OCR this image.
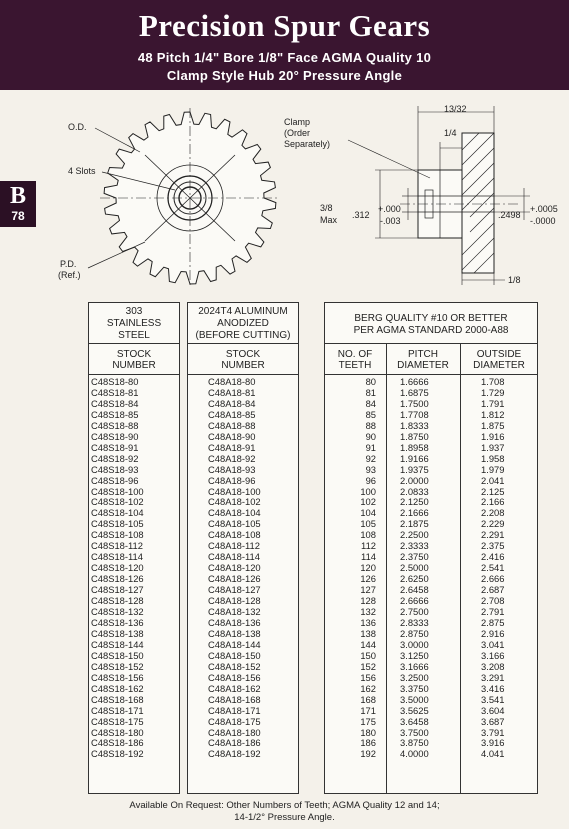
Precision Spur Gears
48 Pitch 1/4" Bore 1/8" Face AGMA Quality 10
Clamp Style Hub 20° Pressure Angle
B
78
O.D.
4 Slots
P.D.
(Ref.)
Clamp
(Order
Separately)
13/32
1/4
3/8
Max .312
+.000
-.003
.2498
+.0005
-.0000
1/8
303
STAINLESS
STEEL
STOCK
NUMBER
C48S18-80
C48S18-81
C48S18-84
C48S18-85
C48S18-88
C48S18-90
C48S18-91
C48S18-92
C48S18-93
C48S18-96
C48S18-100
C48S18-102
C48S18-104
C48S18-105
C48S18-108
C48S18-112
C48S18-114
C48S18-120
C48S18-126
C48S18-127
C48S18-128
C48S18-132
C48S18-136
C48S18-138
C48S18-144
C48S18-150
C48S18-152
C48S18-156
C48S18-162
C48S18-168
C48S18-171
C48S18-175
C48S18-180
C48S18-186
C48S18-192
2024T4 ALUMINUM
ANODIZED
(BEFORE CUTTING)
STOCK
NUMBER
C48A18-80
C48A18-81
C48A18-84
C48A18-85
C48A18-88
C48A18-90
C48A18-91
C48A18-92
C48A18-93
C48A18-96
C48A18-100
C48A18-102
C48A18-104
C48A18-105
C48A18-108
C48A18-112
C48A18-114
C48A18-120
C48A18-126
C48A18-127
C48A18-128
C48A18-132
C48A18-136
C48A18-138
C48A18-144
C48A18-150
C48A18-152
C48A18-156
C48A18-162
C48A18-168
C48A18-171
C48A18-175
C48A18-180
C48A18-186
C48A18-192
BERG QUALITY #10 OR BETTER
PER AGMA STANDARD 2000-A88
NO. OF
TEETH
PITCH
DIAMETER
OUTSIDE
DIAMETER
80
81
84
85
88
90
91
92
93
96
100
102
104
105
108
112
114
120
126
127
128
132
136
138
144
150
152
156
162
168
171
175
180
186
192
1.6666
1.6875
1.7500
1.7708
1.8333
1.8750
1.8958
1.9166
1.9375
2.0000
2.0833
2.1250
2.1666
2.1875
2.2500
2.3333
2.3750
2.5000
2.6250
2.6458
2.6666
2.7500
2.8333
2.8750
3.0000
3.1250
3.1666
3.2500
3.3750
3.5000
3.5625
3.6458
3.7500
3.8750
4.0000
1.708
1.729
1.791
1.812
1.875
1.916
1.937
1.958
1.979
2.041
2.125
2.166
2.208
2.229
2.291
2.375
2.416
2.541
2.666
2.687
2.708
2.791
2.875
2.916
3.041
3.166
3.208
3.291
3.416
3.541
3.604
3.687
3.791
3.916
4.041
Available On Request: Other Numbers of Teeth; AGMA Quality 12 and 14;
14-1/2° Pressure Angle.
